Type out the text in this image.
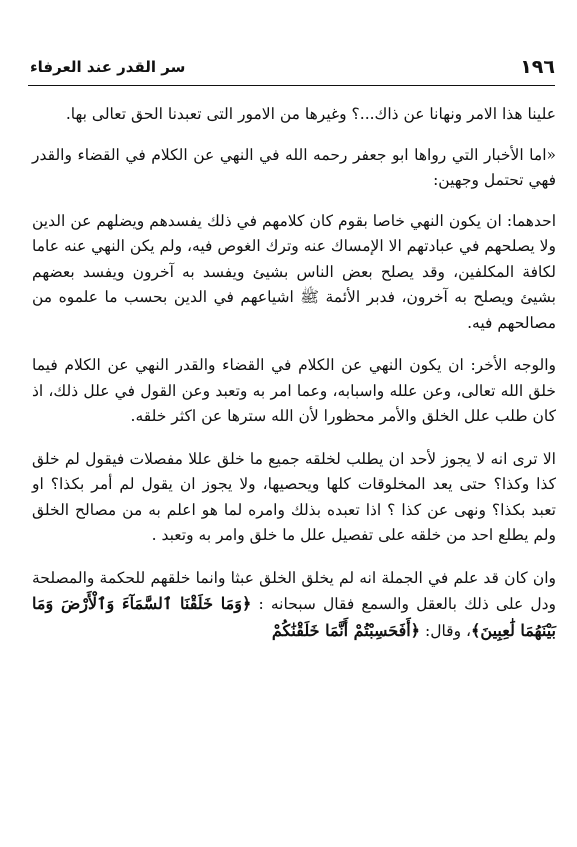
١٩٦
سر القدر عند العرفاء

علينا هذا الامر ونهانا عن ذاك...؟ وغيرها من الامور التى تعبدنا الحق تعالى بها.

«اما الأخبار التي رواها ابو جعفر رحمه الله في النهي عن الكلام في القضاء والقدر فهي تحتمل وجهين:

احدهما: ان يكون النهي خاصا بقوم كان كلامهم في ذلك يفسدهم ويضلهم عن الدين ولا يصلحهم في عبادتهم الا الإمساك عنه وترك الغوص فيه، ولم يكن النهي عنه عاما لكافة المكلفين، وقد يصلح بعض الناس بشيئ ويفسد به آخرون ويفسد بعضهم بشيئ ويصلح به آخرون، فدبر الأئمة ﷺ اشياعهم في الدين بحسب ما علموه من مصالحهم فيه.

والوجه الأخر: ان يكون النهي عن الكلام في القضاء والقدر النهي عن الكلام فيما خلق الله تعالى، وعن علله واسبابه، وعما امر به وتعبد وعن القول في علل ذلك، اذ كان طلب علل الخلق والأمر محظورا لأن الله سترها عن اكثر خلقه.

الا ترى انه لا يجوز لأحد ان يطلب لخلقه جميع ما خلق عللا مفصلات فيقول لم خلق كذا وكذا؟ حتى يعد المخلوقات كلها ويحصيها، ولا يجوز ان يقول لم أمر بكذا؟ او تعبد بكذا؟ ونهى عن كذا ؟ اذا تعبده بذلك وامره لما هو اعلم به من مصالح الخلق ولم يطلع احد من خلقه على تفصيل علل ما خلق وامر به وتعبد .

وان كان قد علم في الجملة انه لم يخلق الخلق عبثا وانما خلقهم للحكمة والمصلحة ودل على ذلك بالعقل والسمع فقال سبحانه : ﴿وَمَا خَلَقْنَا ٱلسَّمَآءَ وَٱلْأَرْضَ وَمَا بَيْنَهُمَا لَٰعِبِينَ﴾، وقال: ﴿أَفَحَسِبْتُمْ أَنَّمَا خَلَقْنَٰكُمْ
